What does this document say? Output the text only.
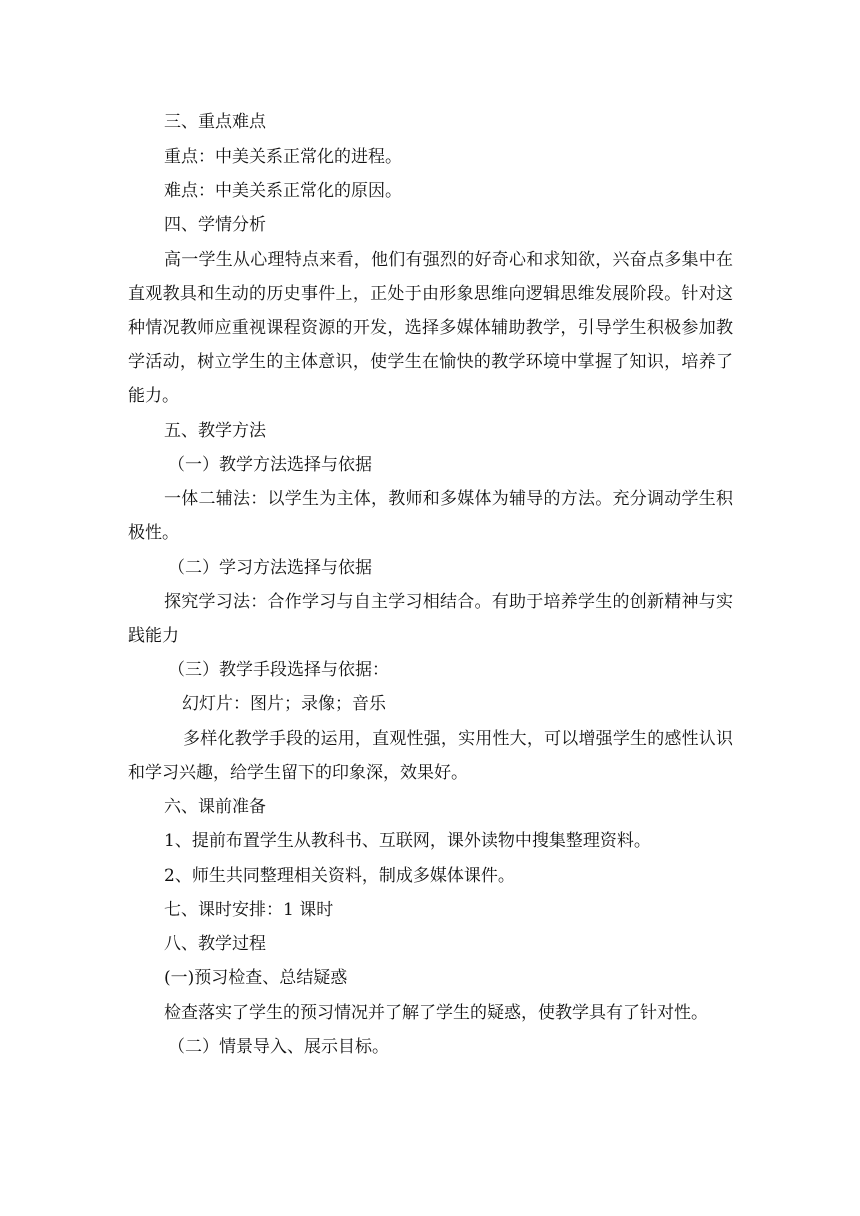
三、重点难点
重点：中美关系正常化的进程。
难点：中美关系正常化的原因。
四、学情分析
高一学生从心理特点来看，他们有强烈的好奇心和求知欲，兴奋点多集中在
直观教具和生动的历史事件上，正处于由形象思维向逻辑思维发展阶段。针对这
种情况教师应重视课程资源的开发，选择多媒体辅助教学，引导学生积极参加教
学活动，树立学生的主体意识，使学生在愉快的教学环境中掌握了知识，培养了
能力。
五、教学方法
（一）教学方法选择与依据
一体二辅法：以学生为主体，教师和多媒体为辅导的方法。充分调动学生积
极性。
（二）学习方法选择与依据
探究学习法：合作学习与自主学习相结合。有助于培养学生的创新精神与实
践能力
（三）教学手段选择与依据：
幻灯片：图片；录像；音乐
多样化教学手段的运用，直观性强，实用性大，可以增强学生的感性认识
和学习兴趣，给学生留下的印象深，效果好。
六、课前准备
1、提前布置学生从教科书、互联网，课外读物中搜集整理资料。
2、师生共同整理相关资料，制成多媒体课件。
七、课时安排：1 课时
八、教学过程
(一)预习检查、总结疑惑
检查落实了学生的预习情况并了解了学生的疑惑，使教学具有了针对性。
（二）情景导入、展示目标。
